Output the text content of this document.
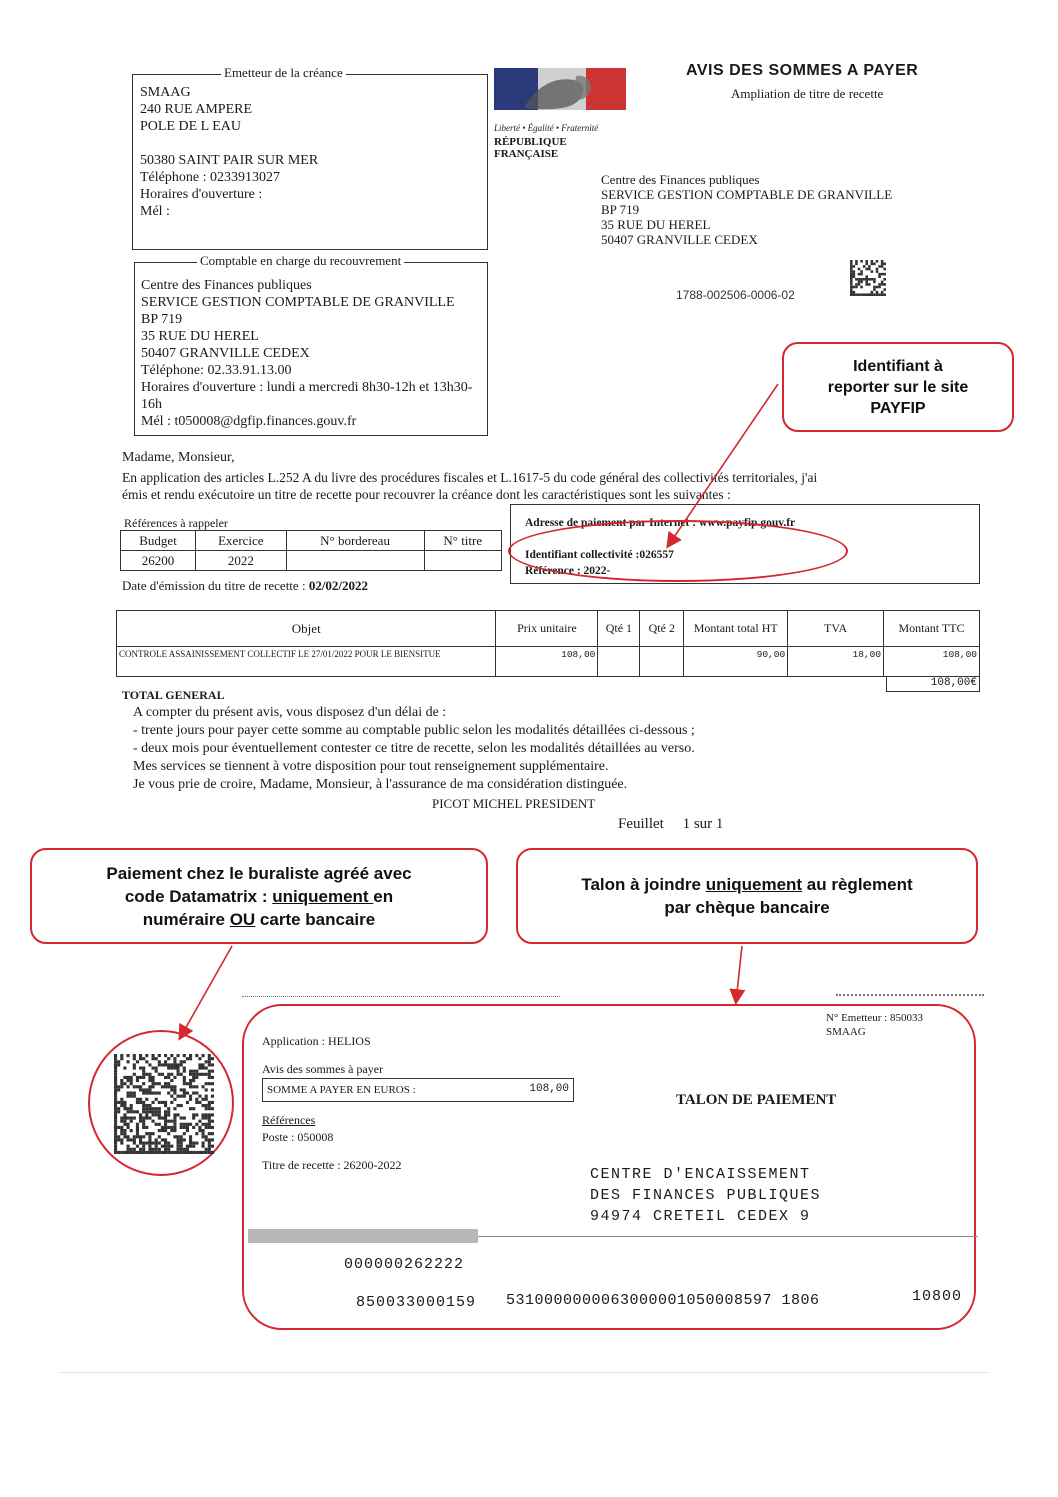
AVIS DES SOMMES A PAYER
Ampliation de titre de recette
Liberté • Égalité • Fraternité
RÉPUBLIQUE FRANÇAISE
Emetteur de la créance
SMAAG
240 RUE AMPERE
POLE DE L EAU
50380 SAINT PAIR SUR MER
Téléphone : 0233913027
Horaires d'ouverture :
Mél :
Centre des Finances publiques
SERVICE GESTION COMPTABLE DE GRANVILLE
BP 719
35 RUE DU HEREL
50407 GRANVILLE CEDEX
1788-002506-0006-02
Comptable en charge du recouvrement
Centre des Finances publiques
SERVICE GESTION COMPTABLE DE GRANVILLE
BP 719
35 RUE DU HEREL
50407 GRANVILLE CEDEX
Téléphone: 02.33.91.13.00
Horaires d'ouverture : lundi a mercredi 8h30-12h et 13h30-
16h
Mél : t050008@dgfip.finances.gouv.fr
Identifiant à
reporter sur le site
PAYFIP
Madame, Monsieur,
En application des articles L.252 A du livre des procédures fiscales et L.1617-5 du code général des collectivités territoriales, j'ai
émis et rendu exécutoire un titre de recette pour recouvrer la créance dont les caractéristiques sont les suivantes :
Références à rappeler
Budget	Exercice	N° bordereau	N° titre
26200	2022		
Date d'émission du titre de recette : 02/02/2022
Adresse de paiement par Internet : www.payfip.gouv.fr
Identifiant collectivité :026557
Référence : 2022-
Objet	Prix unitaire	Qté 1	Qté 2	Montant total HT	TVA	Montant TTC
CONTROLE ASSAINISSEMENT COLLECTIF LE 27/01/2022 POUR LE BIENSITUE	108,00			90,00	18,00	108,00
TOTAL GENERAL
108,00€
A compter du présent avis, vous disposez d'un délai de :
- trente jours pour payer cette somme au comptable public selon les modalités détaillées ci-dessous ;
- deux mois pour éventuellement contester ce titre de recette, selon les modalités détaillées au verso.
Mes services se tiennent à votre disposition pour tout renseignement supplémentaire.
Je vous prie de croire, Madame, Monsieur, à l'assurance de ma considération distinguée.
PICOT MICHEL PRESIDENT
Feuillet     1 sur 1
Paiement chez le buraliste agréé avec
code Datamatrix : uniquement en
numéraire OU carte bancaire
Talon à joindre uniquement au règlement
par chèque bancaire
N° Emetteur : 850033
SMAAG
Application : HELIOS
Avis des sommes à payer
SOMME A PAYER EN EUROS :	108,00
TALON DE PAIEMENT
Références
Poste : 050008
Titre de recette : 26200-2022
CENTRE D'ENCAISSEMENT
DES FINANCES PUBLIQUES
94974 CRETEIL CEDEX 9
000000262222
850033000159 5310000000063000001050008597 1806	10800
